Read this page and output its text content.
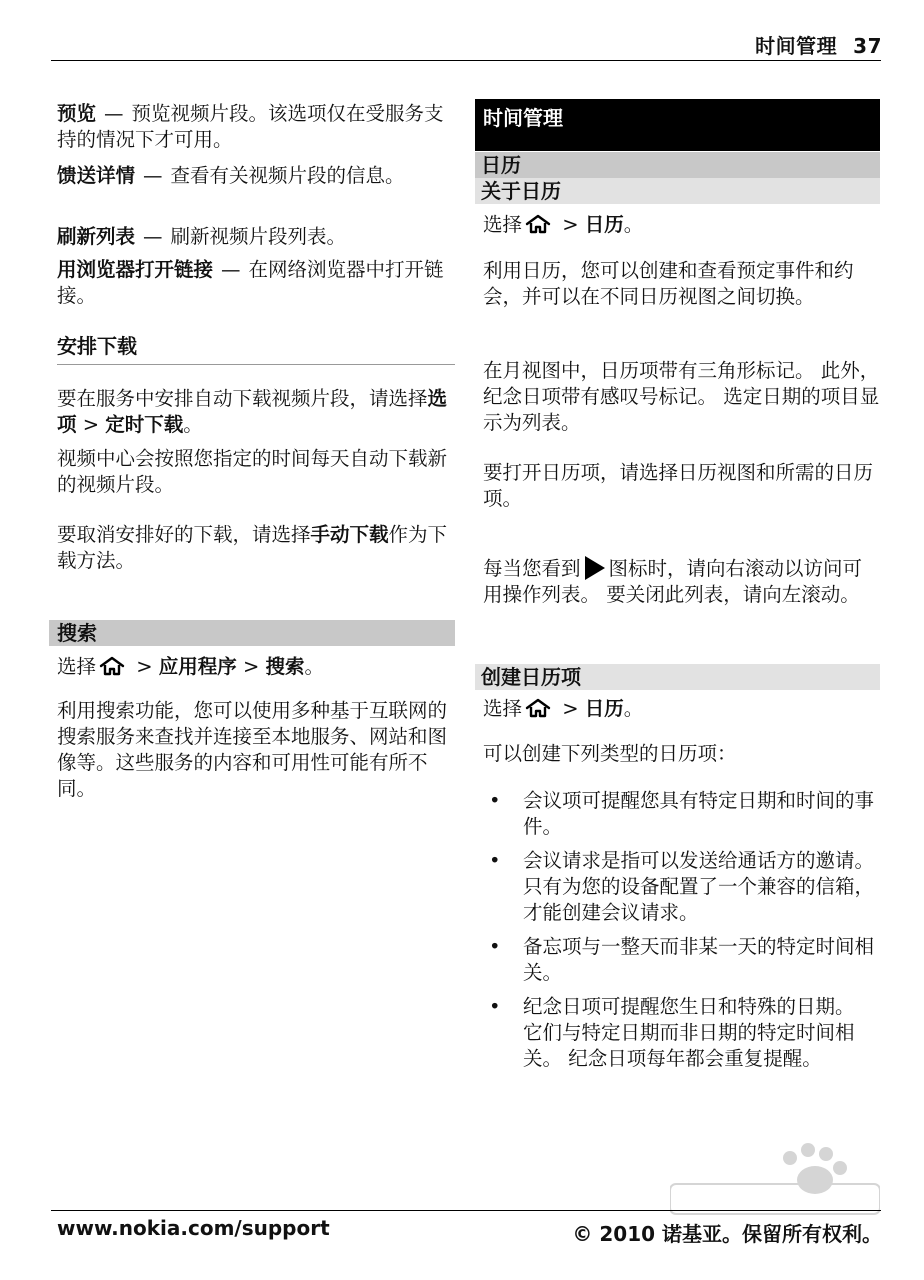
时间管理 37

预览 — 预览视频片段。该选项仅在受服务支持的情况下才可用。

馈送详情 — 查看有关视频片段的信息。

刷新列表 — 刷新视频片段列表。

用浏览器打开链接 — 在网络浏览器中打开链接。

安排下载

要在服务中安排自动下载视频片段，请选择选项 > 定时下载。

视频中心会按照您指定的时间每天自动下载新的视频片段。

要取消安排好的下载，请选择手动下载作为下载方法。

搜索

选择 > 应用程序 > 搜索。

利用搜索功能，您可以使用多种基于互联网的搜索服务来查找并连接至本地服务、网站和图像等。这些服务的内容和可用性可能有所不同。

时间管理
日历
关于日历

选择 > 日历。

利用日历，您可以创建和查看预定事件和约会，并可以在不同日历视图之间切换。

在月视图中，日历项带有三角形标记。 此外，纪念日项带有感叹号标记。 选定日期的项目显示为列表。

要打开日历项，请选择日历视图和所需的日历项。

每当您看到 图标时，请向右滚动以访问可用操作列表。 要关闭此列表，请向左滚动。

创建日历项

选择 > 日历。

可以创建下列类型的日历项：

• 会议项可提醒您具有特定日期和时间的事件。
• 会议请求是指可以发送给通话方的邀请。 只有为您的设备配置了一个兼容的信箱，才能创建会议请求。
• 备忘项与一整天而非某一天的特定时间相关。
• 纪念日项可提醒您生日和特殊的日期。 它们与特定日期而非日期的特定时间相关。 纪念日项每年都会重复提醒。
www.nokia.com/support	© 2010 诺基亚。保留所有权利。
